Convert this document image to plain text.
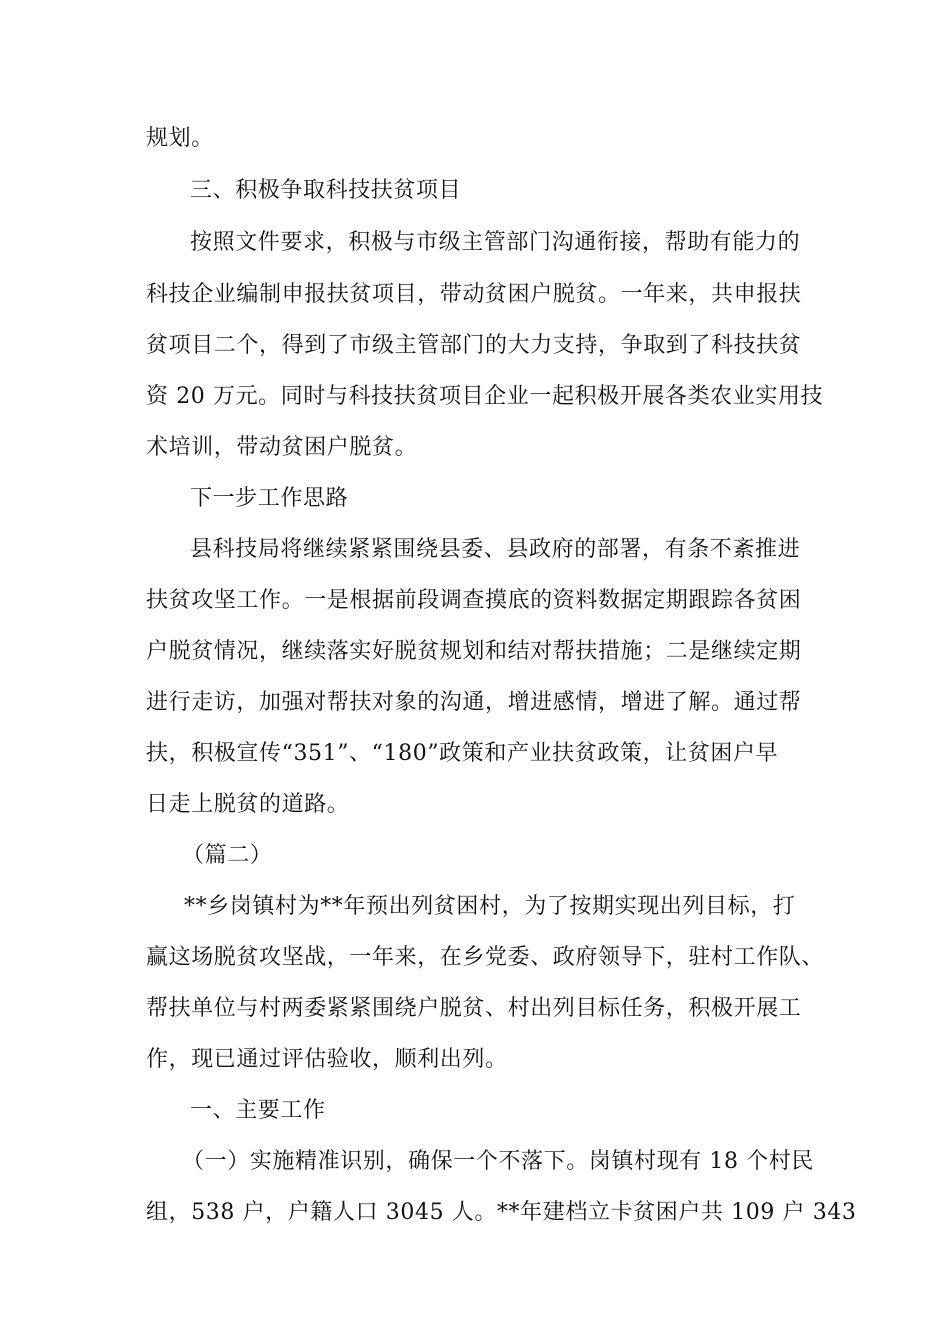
规划。
三、积极争取科技扶贫项目
按照文件要求，积极与市级主管部门沟通衔接，帮助有能力的
科技企业编制申报扶贫项目，带动贫困户脱贫。一年来，共申报扶
贫项目二个，得到了市级主管部门的大力支持，争取到了科技扶贫
资 20 万元。同时与科技扶贫项目企业一起积极开展各类农业实用技
术培训，带动贫困户脱贫。
下一步工作思路
县科技局将继续紧紧围绕县委、县政府的部署，有条不紊推进
扶贫攻坚工作。一是根据前段调查摸底的资料数据定期跟踪各贫困
户脱贫情况，继续落实好脱贫规划和结对帮扶措施；二是继续定期
进行走访，加强对帮扶对象的沟通，增进感情，增进了解。通过帮
扶，积极宣传“351”、“180”政策和产业扶贫政策，让贫困户早
日走上脱贫的道路。
（篇二）
**乡岗镇村为**年预出列贫困村，为了按期实现出列目标，打
赢这场脱贫攻坚战，一年来，在乡党委、政府领导下，驻村工作队、
帮扶单位与村两委紧紧围绕户脱贫、村出列目标任务，积极开展工
作，现已通过评估验收，顺利出列。
一、主要工作
（一）实施精准识别，确保一个不落下。岗镇村现有 18 个村民
组，538 户，户籍人口 3045 人。**年建档立卡贫困户共 109 户 343
